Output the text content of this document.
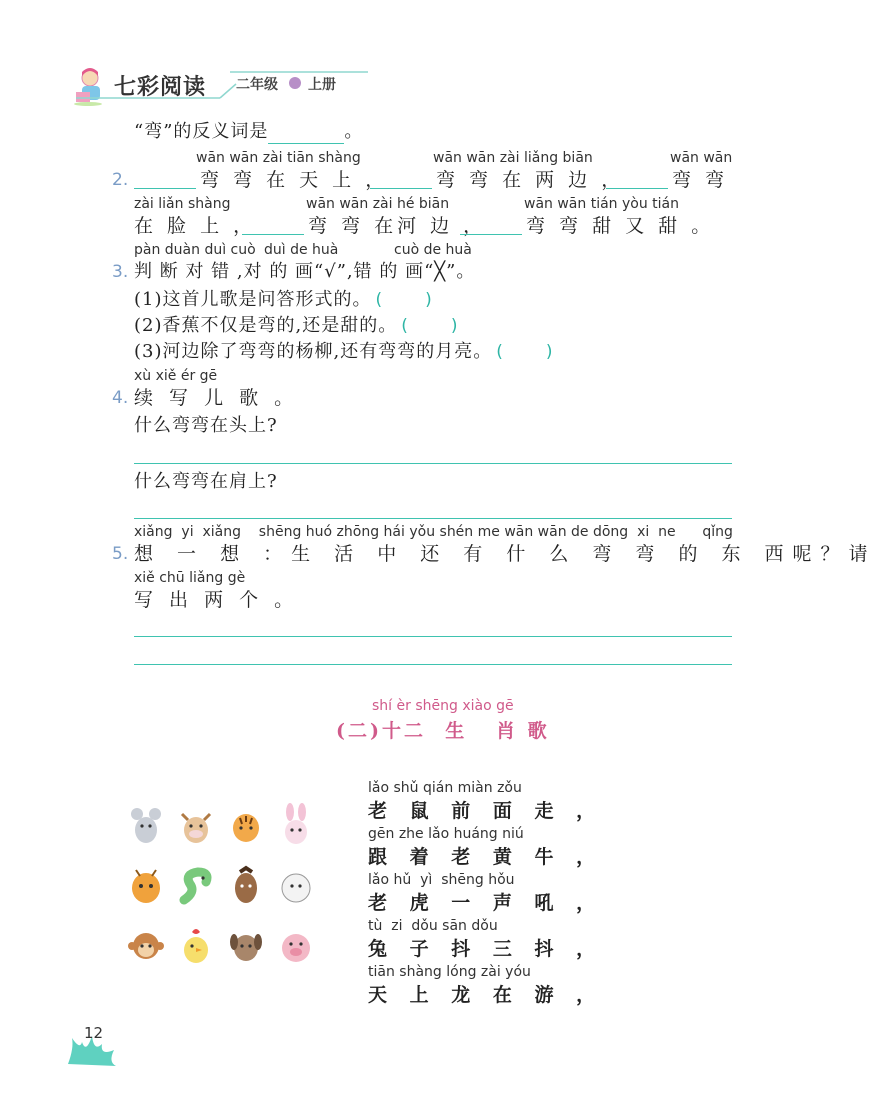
七彩阅读 二年级 上册
“弯”的反义词是	。
wān wān zài tiān shàng	wān wān zài liǎng biān	wān wān
2.	弯 弯 在 天 上 ，	弯 弯 在 两 边 ，	弯 弯
zài liǎn shàng	wān wān zài hé biān	wān wān tián yòu tián
在 脸 上 ，	弯 弯 在河 边 ， 弯 弯 甜 又 甜 。
pàn duàn duì cuò duì de huà	cuò de huà
3. 判 断 对 错 ,对 的 画“√”,错 的 画“╳”。
(1)这首儿歌是问答形式的。 ( )
(2)香蕉不仅是弯的,还是甜的。 ( )
(3)河边除了弯弯的杨柳,还有弯弯的月亮。 ( )
xù xiě ér gē
4. 续 写 儿 歌 。
什么弯弯在头上?
什么弯弯在肩上?
xiǎng  yi  xiǎng    shēng huó zhōng hái yǒu shén me wān wān de dōng  xi  ne      qǐng
5. 想 一 想 ：生 活 中 还 有 什 么 弯 弯 的 东 西呢？请
xiě chū liǎng gè
写 出 两 个 。
shí èr shēng xiào gē
(二)十二  生   肖 歌
lǎo shǔ qián miàn zǒu
老 鼠 前 面 走 ，
gēn zhe lǎo huáng niú
跟 着 老 黄 牛 ，
lǎo hǔ  yì  shēng hǒu
老 虎 一 声 吼 ，
tù  zi  dǒu sān dǒu
兔 子 抖 三 抖 ，
tiān shàng lóng zài yóu
天 上 龙 在 游 ，
12
